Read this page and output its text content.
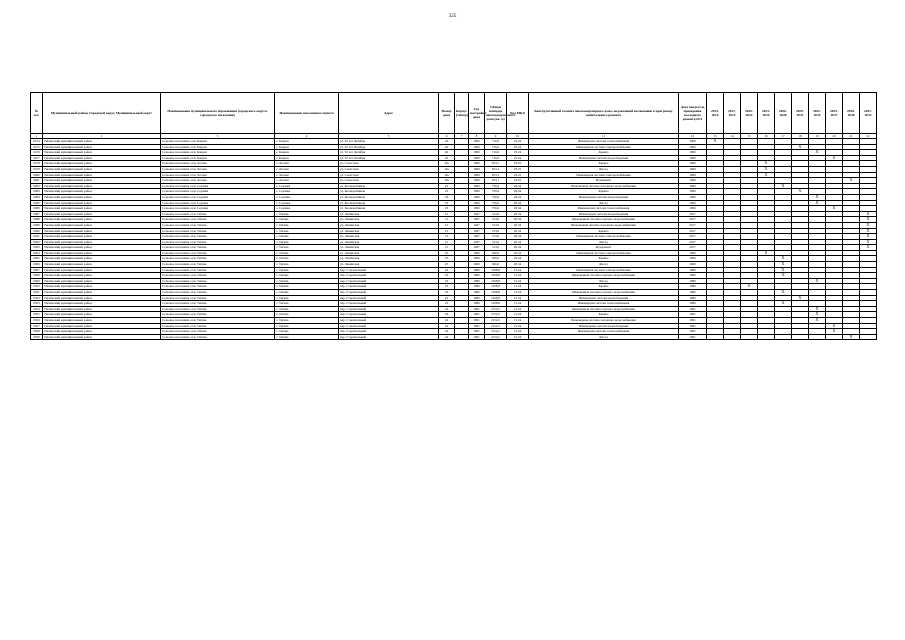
325
№ п.п.	Муниципальный район, Городской округ, Муниципальный округ	Наименование муниципального образования (городского округа, городского поселения)	Наименование населенного пункта	Адрес	Номер дома	Корпус (Литер)	Год постройки дома	Общая площадь многоквартирного дома (кв. м)	Код МКД	Конструктивный элемент многоквартирного дома, подлежащий включению в программу капитального ремонта	Дата ввода (год проведения последнего ремонта) КЭ	2014-2016	2017-2019	2020-2022	2023-2025	2026-2028	2029-2031	2032-2034	2035-2037	2038-2040	2041-2043
1	2	3	4	5	6	7	8	9	10	11	12	13	14	15	16	17	18	19	20	21	22
0474	Тигильский муниципальный район	Сельское поселение село Ковран	с. Ковран	ул. 50 лет Октября	23		1990	716,0	25.24	Инженерная система теплоснабжения	1990	X									
0475	Тигильский муниципальный район	Сельское поселение село Ковран	с. Ковран	ул. 50 лет Октября	26		1990	716,0	25.24	Инженерная система электроснабжения	1990						X				
0476	Тигильский муниципальный район	Сельское поселение село Ковран	с. Ковран	ул. 50 лет Октября	26		1990	716,0	25.24	Крыша	1990							X			
0477	Тигильский муниципальный район	Сельское поселение село Ковран	с. Ковран	ул. 50 лет Октября	26		1990	716,0	25.24	Инженерная система водоотведения	1990								X		
0478	Тигильский муниципальный район	Сельское поселение село Лесная	с. Лесная	ул. Советская	16а		1999	653,1	18.25	Крыша	1999				X						
0479	Тигильский муниципальный район	Сельское поселение село Лесная	с. Лесная	ул. Советская	16а		1999	653,1	18.25	Фасад	1999				X						
0480	Тигильский муниципальный район	Сельское поселение село Лесная	с. Лесная	ул. Советская	16а		1999	653,1	18.25	Инженерная система электроснабжения	1999				X						
0481	Тигильский муниципальный район	Сельское поселение село Лесная	с. Лесная	ул. Советская	16а		1999	653,1	18.25	Фундамент	1999									X	
0482	Тигильский муниципальный район	Сельское поселение село Седанка	с. Седанка	ул. Кооперативная	23		1990	756,6	29.34	Инженерная система холодного водоснабжения	1990					X					
0483	Тигильский муниципальный район	Сельское поселение село Седанка	с. Седанка	ул. Кооперативная	23		1990	756,6	29.34	Крыша	1990						X				
0484	Тигильский муниципальный район	Сельское поселение село Седанка	с. Седанка	ул. Кооперативная	23		1990	756,6	29.34	Инженерная система водоотведения	1990							X			
0485	Тигильский муниципальный район	Сельское поселение село Седанка	с. Седанка	ул. Кооперативная	23		1990	756,6	29.34	Фасад	1990							X			
0486	Тигильский муниципальный район	Сельское поселение село Седанка	с. Седанка	ул. Кооперативная	23		1990	756,6	29.34	Инженерная система теплоснабжения	1990								X		
0487	Тигильский муниципальный район	Сельское поселение село Тигиль	с. Тигиль	ул. Ленинская	15		1947	313,0	20.34	Инженерная система водоотведения	2017										X
0488	Тигильский муниципальный район	Сельское поселение село Тигиль	с. Тигиль	ул. Ленинская	15		1947	313,0	20.34	Инженерная система горячего водоснабжения	2017										X
0489	Тигильский муниципальный район	Сельское поселение село Тигиль	с. Тигиль	ул. Ленинская	15		1947	313,0	20.34	Инженерная система холодного водоснабжения	2017										X
0490	Тигильский муниципальный район	Сельское поселение село Тигиль	с. Тигиль	ул. Ленинская	15		1947	313,0	20.34	Крыша	2017										X
0491	Тигильский муниципальный район	Сельское поселение село Тигиль	с. Тигиль	ул. Ленинская	15		1947	313,0	20.34	Инженерная система электроснабжения	2017										X
0492	Тигильский муниципальный район	Сельское поселение село Тигиль	с. Тигиль	ул. Ленинская	15		1947	313,0	20.34	Фасад	2017										X
0493	Тигильский муниципальный район	Сельское поселение село Тигиль	с. Тигиль	ул. Ленинская	15		1947	313,0	20.34	Фундамент	2017										X
0494	Тигильский муниципальный район	Сельское поселение село Тигиль	с. Тигиль	ул. Ленинская	25		1969	366,0	20.34	Инженерная система электроснабжения	1969				X						
0495	Тигильский муниципальный район	Сельское поселение село Тигиль	с. Тигиль	ул. Ленинская	25		1969	366,0	20.34	Крыша	1969					X					
0496	Тигильский муниципальный район	Сельское поселение село Тигиль	с. Тигиль	ул. Ленинская	25		1969	366,0	20.34	Фасад	1969					X					
0497	Тигильский муниципальный район	Сельское поселение село Тигиль	с. Тигиль	пер. Строительный	23		1986	1658,8	15.24	Инженерная система электроснабжения	1986					X					
0498	Тигильский муниципальный район	Сельское поселение село Тигиль	с. Тигиль	пер. Строительный	23		1986	1658,8	15.24	Инженерная система горячего водоснабжения	1986					X					
0499	Тигильский муниципальный район	Сельское поселение село Тигиль	с. Тигиль	пер. Строительный	23		1986	1658,8	15.24	Фасад	1986							X			
0500	Тигильский муниципальный район	Сельское поселение село Тигиль	с. Тигиль	пер. Строительный	23		1986	1658,8	15.24	Крыша	1986			X							
0501	Тигильский муниципальный район	Сельское поселение село Тигиль	с. Тигиль	пер. Строительный	23		1986	1658,8	15.24	Инженерная система горячего водоснабжения	1986					X					
0502	Тигильский муниципальный район	Сельское поселение село Тигиль	с. Тигиль	пер. Строительный	23		1986	1658,8	15.24	Инженерная система водоотведения	1986						X				
0503	Тигильский муниципальный район	Сельское поселение село Тигиль	с. Тигиль	пер. Строительный	23		1986	1658,8	15.24	Инженерная система теплоснабжения	1986					X					
0504	Тигильский муниципальный район	Сельское поселение село Тигиль	с. Тигиль	пер. Строительный	24		1991	2154,5	15.24	Инженерная система горячего водоснабжения	1991							X			
0505	Тигильский муниципальный район	Сельское поселение село Тигиль	с. Тигиль	пер. Строительный	24		1991	2154,5	15.24	Крыша	1991							X			
0506	Тигильский муниципальный район	Сельское поселение село Тигиль	с. Тигиль	пер. Строительный	24		1991	2154,5	15.24	Инженерная система холодного водоснабжения	1991							X			
0507	Тигильский муниципальный район	Сельское поселение село Тигиль	с. Тигиль	пер. Строительный	24		1991	2154,5	15.24	Инженерная система водоотведения	1991								X		
0508	Тигильский муниципальный район	Сельское поселение село Тигиль	с. Тигиль	пер. Строительный	24		1991	2154,5	15.24	Инженерная система теплоснабжения	1991								X		
0509	Тигильский муниципальный район	Сельское поселение село Тигиль	с. Тигиль	пер. Строительный	24		1991	2154,5	15.24	Фасад	1991									X	
